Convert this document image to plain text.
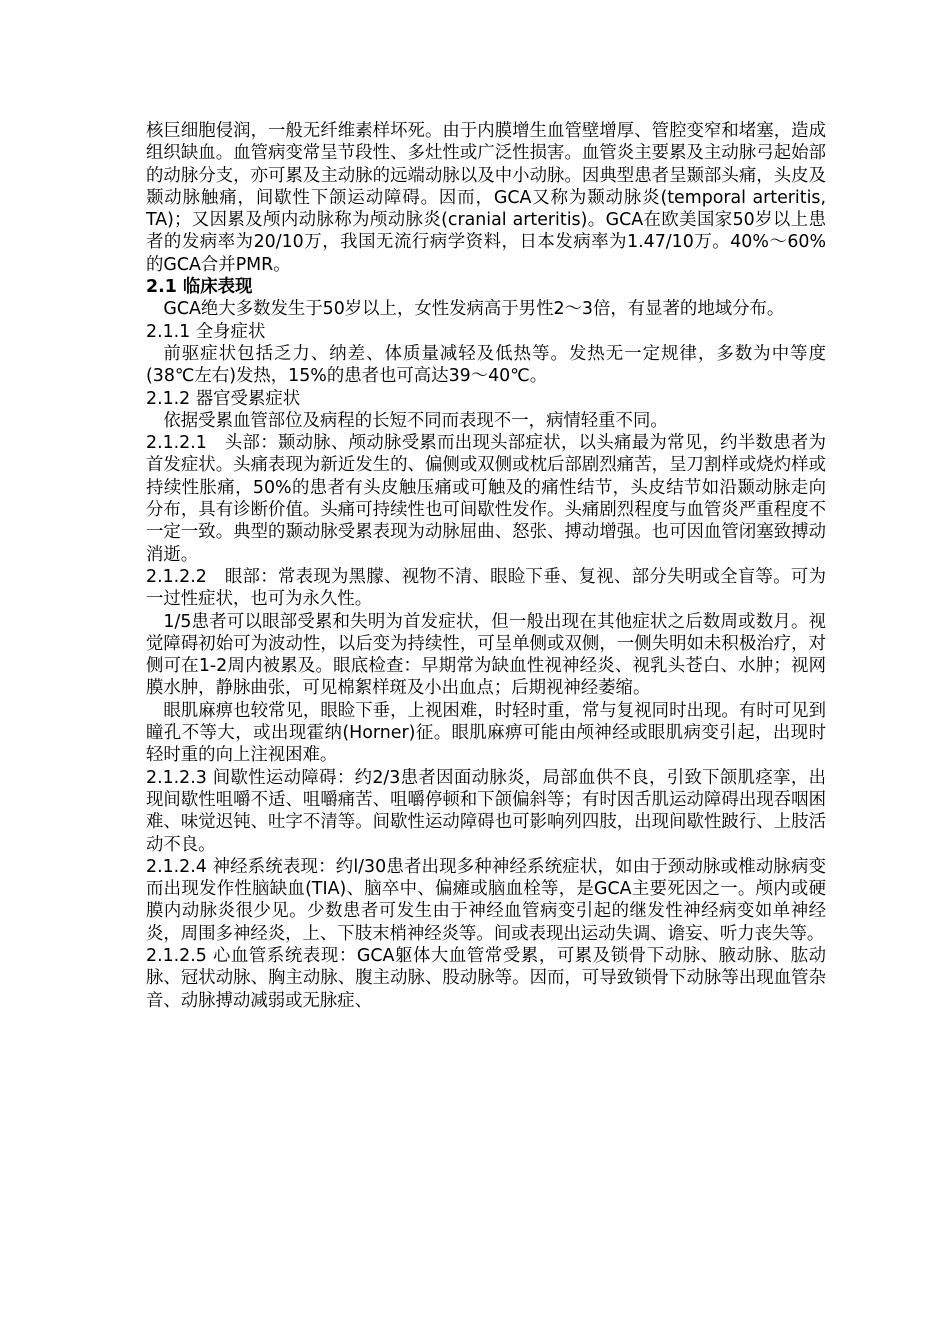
核巨细胞侵润，一般无纤维素样坏死。由于内膜增生血管壁增厚、管腔变窄和堵塞，造成组织缺血。血管病变常呈节段性、多灶性或广泛性损害。血管炎主要累及主动脉弓起始部的动脉分支，亦可累及主动脉的远端动脉以及中小动脉。因典型患者呈颞部头痛，头皮及颞动脉触痛，间歇性下颌运动障碍。因而，GCA又称为颞动脉炎(temporal arteritis, TA)；又因累及颅内动脉称为颅动脉炎(cranial arteritis)。GCA在欧美国家50岁以上患者的发病率为20/10万，我国无流行病学资料，日本发病率为1.47/10万。40%～60%的GCA合并PMR。

2.1 临床表现

GCA绝大多数发生于50岁以上，女性发病高于男性2～3倍，有显著的地域分布。

2.1.1 全身症状

前驱症状包括乏力、纳差、体质量减轻及低热等。发热无一定规律，多数为中等度(38℃左右)发热，15%的患者也可高达39～40℃。

2.1.2 器官受累症状

依据受累血管部位及病程的长短不同而表现不一，病情轻重不同。

2.1.2.1　头部：颞动脉、颅动脉受累而出现头部症状，以头痛最为常见，约半数患者为首发症状。头痛表现为新近发生的、偏侧或双侧或枕后部剧烈痛苦，呈刀割样或烧灼样或持续性胀痛，50%的患者有头皮触压痛或可触及的痛性结节，头皮结节如沿颞动脉走向分布，具有诊断价值。头痛可持续性也可间歇性发作。头痛剧烈程度与血管炎严重程度不一定一致。典型的颞动脉受累表现为动脉屈曲、怒张、搏动增强。也可因血管闭塞致搏动消逝。

2.1.2.2　眼部：常表现为黑朦、视物不清、眼睑下垂、复视、部分失明或全盲等。可为一过性症状，也可为永久性。

1/5患者可以眼部受累和失明为首发症状，但一般出现在其他症状之后数周或数月。视觉障碍初始可为波动性，以后变为持续性，可呈单侧或双侧，一侧失明如未积极治疗，对侧可在1-2周内被累及。眼底检查：早期常为缺血性视神经炎、视乳头苍白、水肿；视网膜水肿，静脉曲张，可见棉絮样斑及小出血点；后期视神经萎缩。

眼肌麻痹也较常见，眼睑下垂，上视困难，时轻时重，常与复视同时出现。有时可见到瞳孔不等大，或出现霍纳(Horner)征。眼肌麻痹可能由颅神经或眼肌病变引起，出现时轻时重的向上注视困难。

2.1.2.3 间歇性运动障碍：约2/3患者因面动脉炎，局部血供不良，引致下颌肌痉挛，出现间歇性咀嚼不适、咀嚼痛苦、咀嚼停顿和下颌偏斜等；有时因舌肌运动障碍出现吞咽困难、味觉迟钝、吐字不清等。间歇性运动障碍也可影响列四肢，出现间歇性跛行、上肢活动不良。

2.1.2.4 神经系统表现：约l/30患者出现多种神经系统症状，如由于颈动脉或椎动脉病变而出现发作性脑缺血(TIA)、脑卒中、偏瘫或脑血栓等，是GCA主要死因之一。颅内或硬膜内动脉炎很少见。少数患者可发生由于神经血管病变引起的继发性神经病变如单神经炎，周围多神经炎，上、下肢末梢神经炎等。间或表现出运动失调、谵妄、听力丧失等。

2.1.2.5 心血管系统表现：GCA躯体大血管常受累，可累及锁骨下动脉、腋动脉、肱动脉、冠状动脉、胸主动脉、腹主动脉、股动脉等。因而，可导致锁骨下动脉等出现血管杂音、动脉搏动减弱或无脉症、
